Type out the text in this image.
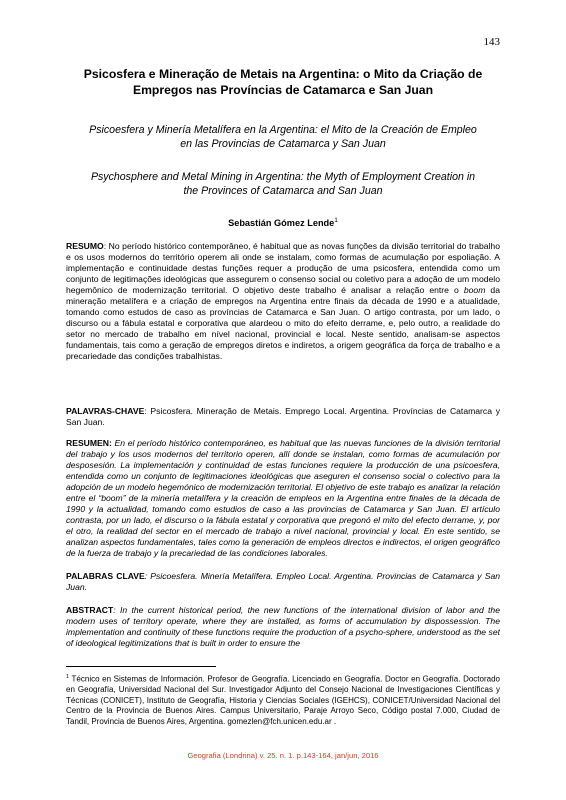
143
Psicosfera e Mineração de Metais na Argentina: o Mito da Criação de Empregos nas Províncias de Catamarca e San Juan
Psicoesfera y Minería Metalífera en la Argentina: el Mito de la Creación de Empleo en las Provincias de Catamarca y San Juan
Psychosphere and Metal Mining in Argentina: the Myth of Employment Creation in the Provinces of Catamarca and San Juan
Sebastián Gómez Lende$^1$
RESUMO: No período histórico contemporâneo, é habitual que as novas funções da divisão territorial do trabalho e os usos modernos do território operem ali onde se instalam, como formas de acumulação por espoliação. A implementação e continuidade destas funções requer a produção de uma psicosfera, entendida como um conjunto de legitimações ideológicas que assegurem o consenso social ou coletivo para a adoção de um modelo hegemônico de modernização territorial. O objetivo deste trabalho é analisar a relação entre o boom da mineração metalífera e a criação de empregos na Argentina entre finais da década de 1990 e a atualidade, tomando como estudos de caso as províncias de Catamarca e San Juan. O artigo contrasta, por um lado, o discurso ou a fábula estatal e corporativa que alardeou o mito do efeito derrame, e, pelo outro, a realidade do setor no mercado de trabalho em nível nacional, provincial e local. Neste sentido, analisam-se aspectos fundamentais, tais como a geração de empregos diretos e indiretos, a origem geográfica da força de trabalho e a precariedade das condições trabalhistas.
PALAVRAS-CHAVE: Psicosfera. Mineração de Metais. Emprego Local. Argentina. Províncias de Catamarca y San Juan.
RESUMEN: En el período histórico contemporáneo, es habitual que las nuevas funciones de la división territorial del trabajo y los usos modernos del territorio operen, allí donde se instalan, como formas de acumulación por desposesión. La implementación y continuidad de estas funciones requiere la producción de una psicoesfera, entendida como un conjunto de legitimaciones ideológicas que aseguren el consenso social o colectivo para la adopción de un modelo hegemónico de modernización territorial. El objetivo de este trabajo es analizar la relación entre el “boom” de la minería metalífera y la creación de empleos en la Argentina entre finales de la década de 1990 y la actualidad, tomando como estudios de caso a las provincias de Catamarca y San Juan. El artículo contrasta, por un lado, el discurso o la fábula estatal y corporativa que pregonó el mito del efecto derrame, y, por el otro, la realidad del sector en el mercado de trabajo a nivel nacional, provincial y local. En este sentido, se analizan aspectos fundamentales, tales como la generación de empleos directos e indirectos, el origen geográfico de la fuerza de trabajo y la precariedad de las condiciones laborales.
PALABRAS CLAVE: Psicoesfera. Minería Metalífera. Empleo Local. Argentina. Provincias de Catamarca y San Juan.
ABSTRACT: In the current historical period, the new functions of the international division of labor and the modern uses of territory operate, where they are installed, as forms of accumulation by dispossession. The implementation and continuity of these functions require the production of a psycho-sphere, understood as the set of ideological legitimizations that is built in order to ensure the
$^1$ Técnico en Sistemas de Información. Profesor de Geografía. Licenciado en Geografía. Doctor en Geografía. Doctorado en Geografía, Universidad Nacional del Sur. Investigador Adjunto del Consejo Nacional de Investigaciones Científicas y Técnicas (CONICET), Instituto de Geografía, Historia y Ciencias Sociales (IGEHCS), CONICET/Universidad Nacional del Centro de la Provincia de Buenos Aires. Campus Universitario, Paraje Arroyo Seco, Código postal 7.000, Ciudad de Tandil, Provincia de Buenos Aires, Argentina. gomezlen@fch.unicen.edu.ar .
Geografia (Londrina) v. 25. n. 1. p.143-164, jan/jun, 2016
